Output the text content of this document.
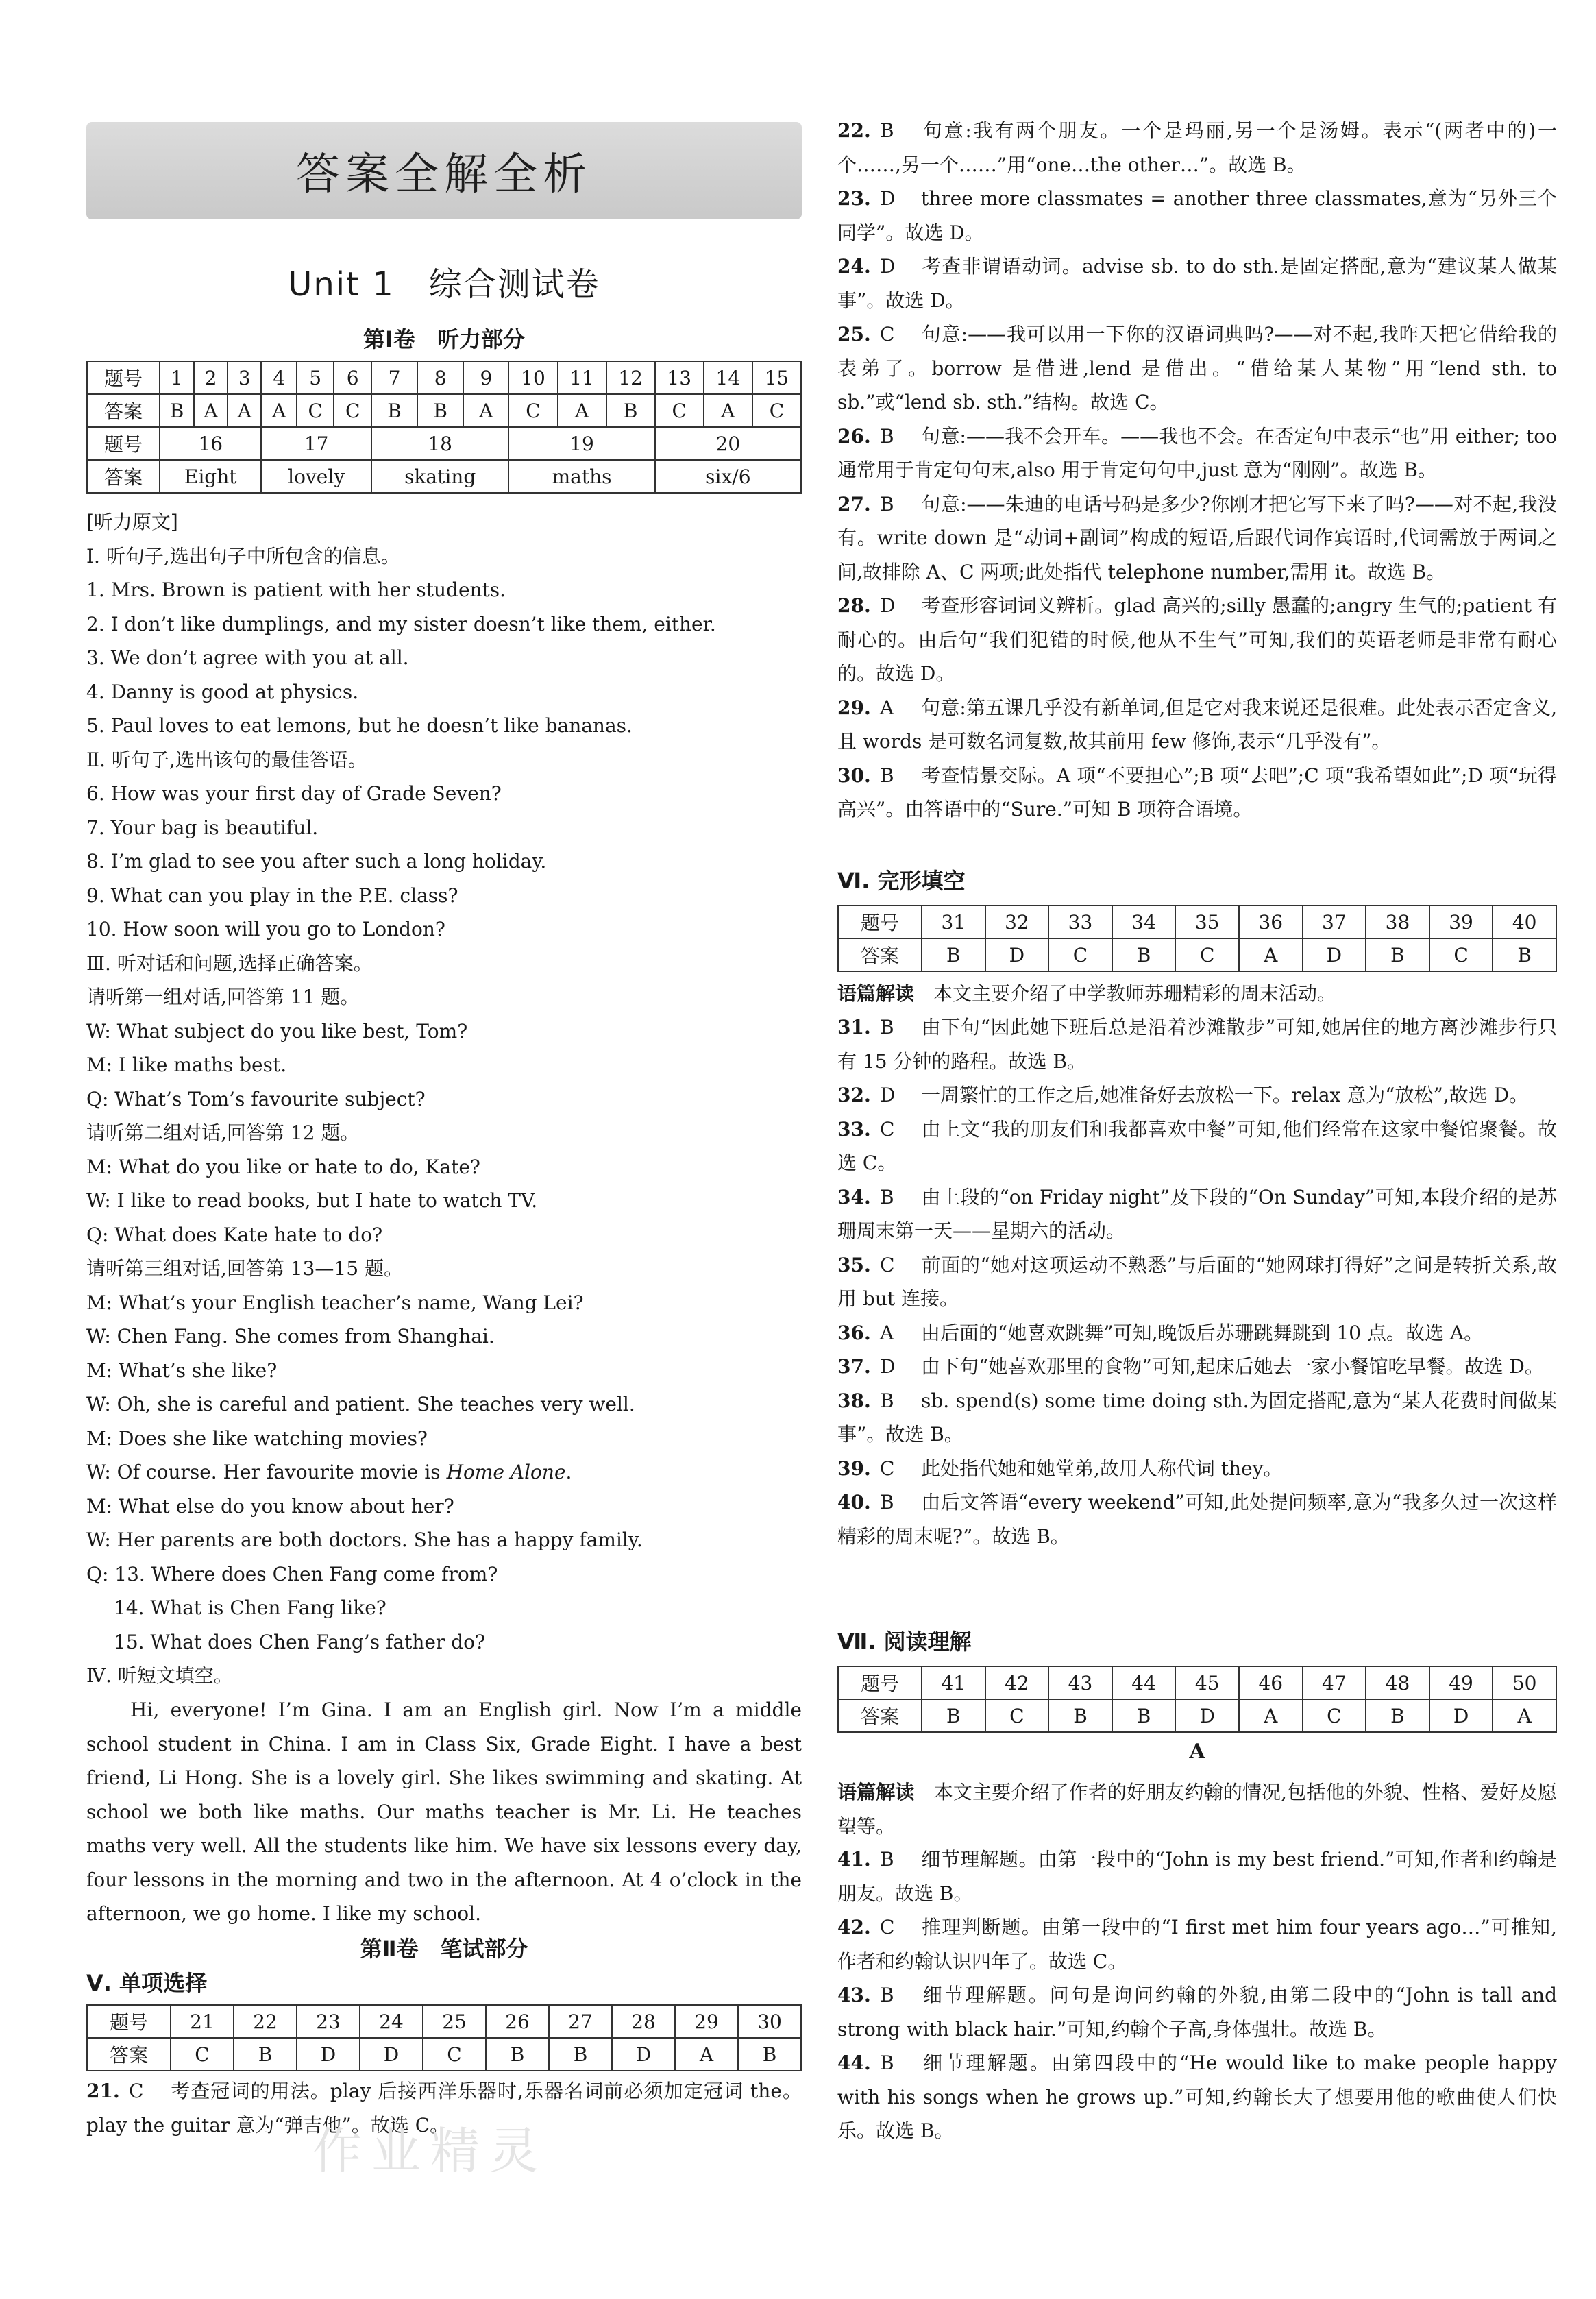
答案全解全析
Unit 1　综合测试卷
第Ⅰ卷　听力部分
题号	1	2	3	4	5	6	7	8	9	10	11	12	13	14	15
答案	B	A	A	A	C	C	B	B	A	C	A	B	C	A	C
题号	16			17			18			19			20		
答案	Eight			lovely			skating			maths			six/6		
[听力原文]
Ⅰ. 听句子,选出句子中所包含的信息。
1. Mrs. Brown is patient with her students.
2. I don’t like dumplings, and my sister doesn’t like them, either.
3. We don’t agree with you at all.
4. Danny is good at physics.
5. Paul loves to eat lemons, but he doesn’t like bananas.
Ⅱ. 听句子,选出该句的最佳答语。
6. How was your first day of Grade Seven?
7. Your bag is beautiful.
8. I’m glad to see you after such a long holiday.
9. What can you play in the P.E. class?
10. How soon will you go to London?
Ⅲ. 听对话和问题,选择正确答案。
请听第一组对话,回答第 11 题。
W: What subject do you like best, Tom?
M: I like maths best.
Q: What’s Tom’s favourite subject?
请听第二组对话,回答第 12 题。
M: What do you like or hate to do, Kate?
W: I like to read books, but I hate to watch TV.
Q: What does Kate hate to do?
请听第三组对话,回答第 13—15 题。
M: What’s your English teacher’s name, Wang Lei?
W: Chen Fang. She comes from Shanghai.
M: What’s she like?
W: Oh, she is careful and patient. She teaches very well.
M: Does she like watching movies?
W: Of course. Her favourite movie is Home Alone.
M: What else do you know about her?
W: Her parents are both doctors. She has a happy family.
Q: 13. Where does Chen Fang come from?
14. What is Chen Fang like?
15. What does Chen Fang’s father do?
Ⅳ. 听短文填空。
Hi, everyone! I’m Gina. I am an English girl. Now I’m a middle school student in China. I am in Class Six, Grade Eight. I have a best friend, Li Hong. She is a lovely girl. She likes swimming and skating. At school we both like maths. Our maths teacher is Mr. Li. He teaches maths very well. All the students like him. We have six lessons every day, four lessons in the morning and two in the afternoon. At 4 o’clock in the afternoon, we go home. I like my school.
第Ⅱ卷　笔试部分
Ⅴ. 单项选择
题号	21	22	23	24	25	26	27	28	29	30
答案	C	B	D	D	C	B	B	D	A	B
21. C 考查冠词的用法。play 后接西洋乐器时,乐器名词前必须加定冠词 the。play the guitar 意为“弹吉他”。故选 C。
作业精灵
22. B 句意:我有两个朋友。一个是玛丽,另一个是汤姆。表示“(两者中的)一个……,另一个……”用“one…the other…”。故选 B。
23. D three more classmates = another three classmates,意为“另外三个同学”。故选 D。
24. D 考查非谓语动词。advise sb. to do sth.是固定搭配,意为“建议某人做某事”。故选 D。
25. C 句意:——我可以用一下你的汉语词典吗?——对不起,我昨天把它借给我的表弟了。borrow 是借进,lend 是借出。“借给某人某物”用“lend sth. to sb.”或“lend sb. sth.”结构。故选 C。
26. B 句意:——我不会开车。——我也不会。在否定句中表示“也”用 either; too 通常用于肯定句句末,also 用于肯定句句中,just 意为“刚刚”。故选 B。
27. B 句意:——朱迪的电话号码是多少?你刚才把它写下来了吗?——对不起,我没有。write down 是“动词+副词”构成的短语,后跟代词作宾语时,代词需放于两词之间,故排除 A、C 两项;此处指代 telephone number,需用 it。故选 B。
28. D 考查形容词词义辨析。glad 高兴的;silly 愚蠢的;angry 生气的;patient 有耐心的。由后句“我们犯错的时候,他从不生气”可知,我们的英语老师是非常有耐心的。故选 D。
29. A 句意:第五课几乎没有新单词,但是它对我来说还是很难。此处表示否定含义,且 words 是可数名词复数,故其前用 few 修饰,表示“几乎没有”。
30. B 考查情景交际。A 项“不要担心”;B 项“去吧”;C 项“我希望如此”;D 项“玩得高兴”。由答语中的“Sure.”可知 B 项符合语境。
Ⅵ. 完形填空
题号	31	32	33	34	35	36	37	38	39	40
答案	B	D	C	B	C	A	D	B	C	B
语篇解读　 本文主要介绍了中学教师苏珊精彩的周末活动。
31. B 由下句“因此她下班后总是沿着沙滩散步”可知,她居住的地方离沙滩步行只有 15 分钟的路程。故选 B。
32. D 一周繁忙的工作之后,她准备好去放松一下。relax 意为“放松”,故选 D。
33. C 由上文“我的朋友们和我都喜欢中餐”可知,他们经常在这家中餐馆聚餐。故选 C。
34. B 由上段的“on Friday night”及下段的“On Sunday”可知,本段介绍的是苏珊周末第一天——星期六的活动。
35. C 前面的“她对这项运动不熟悉”与后面的“她网球打得好”之间是转折关系,故用 but 连接。
36. A 由后面的“她喜欢跳舞”可知,晚饭后苏珊跳舞跳到 10 点。故选 A。
37. D 由下句“她喜欢那里的食物”可知,起床后她去一家小餐馆吃早餐。故选 D。
38. B sb. spend(s) some time doing sth.为固定搭配,意为“某人花费时间做某事”。故选 B。
39. C 此处指代她和她堂弟,故用人称代词 they。
40. B 由后文答语“every weekend”可知,此处提问频率,意为“我多久过一次这样精彩的周末呢?”。故选 B。
Ⅶ. 阅读理解
题号	41	42	43	44	45	46	47	48	49	50
答案	B	C	B	B	D	A	C	B	D	A
A
语篇解读　 本文主要介绍了作者的好朋友约翰的情况,包括他的外貌、性格、爱好及愿望等。
41. B 细节理解题。由第一段中的“John is my best friend.”可知,作者和约翰是朋友。故选 B。
42. C 推理判断题。由第一段中的“I first met him four years ago…”可推知,作者和约翰认识四年了。故选 C。
43. B 细节理解题。问句是询问约翰的外貌,由第二段中的“John is tall and strong with black hair.”可知,约翰个子高,身体强壮。故选 B。
44. B 细节理解题。由第四段中的“He would like to make people happy with his songs when he grows up.”可知,约翰长大了想要用他的歌曲使人们快乐。故选 B。
